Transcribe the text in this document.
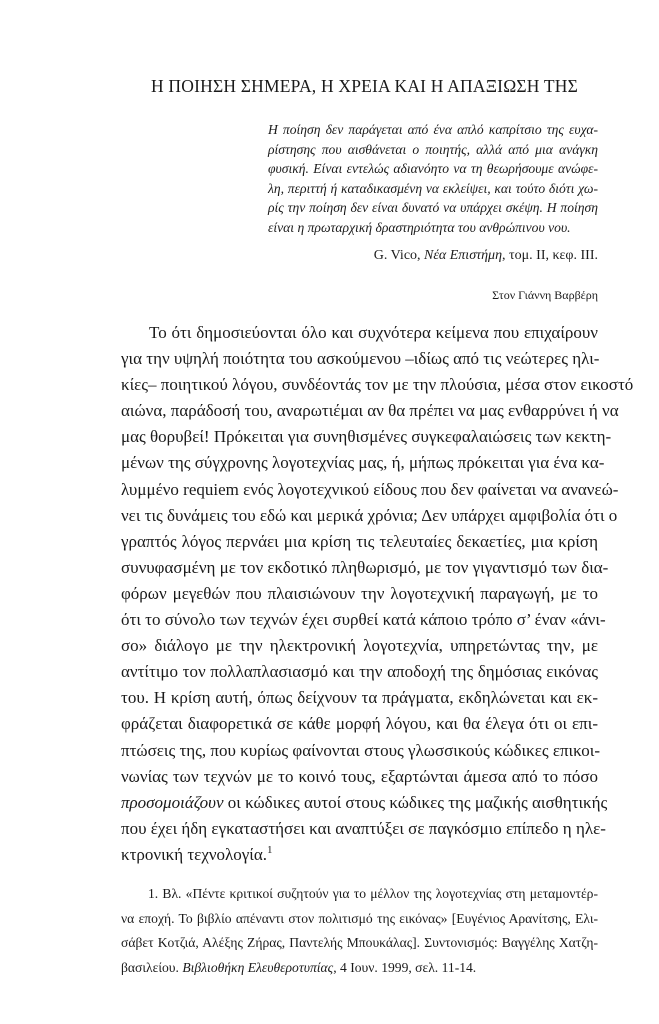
Η ΠΟΙΗΣΗ ΣΗΜΕΡΑ, Η ΧΡΕΙΑ ΚΑΙ Η ΑΠΑΞΙΩΣΗ ΤΗΣ
Η ποίηση δεν παράγεται από ένα απλό καπρίτσιο της ευχα-
ρίστησης που αισθάνεται ο ποιητής, αλλά από μια ανάγκη
φυσική. Είναι εντελώς αδιανόητο να τη θεωρήσουμε ανώφε-
λη, περιττή ή καταδικασμένη να εκλείψει, και τούτο διότι χω-
ρίς την ποίηση δεν είναι δυνατό να υπάρχει σκέψη. Η ποίηση
είναι η πρωταρχική δραστηριότητα του ανθρώπινου νου.
G. Vico, Νέα Επιστήμη, τομ. ΙΙ, κεφ. ΙΙΙ.
Στον Γιάννη Βαρβέρη
Το ότι δημοσιεύονται όλο και συχνότερα κείμενα που επιχαίρουν
για την υψηλή ποιότητα του ασκούμενου –ιδίως από τις νεώτερες ηλι-
κίες– ποιητικού λόγου, συνδέοντάς τον με την πλούσια, μέσα στον εικοστό
αιώνα, παράδοσή του, αναρωτιέμαι αν θα πρέπει να μας ενθαρρύνει ή να
μας θορυβεί! Πρόκειται για συνηθισμένες συγκεφαλαιώσεις των κεκτη-
μένων της σύγχρονης λογοτεχνίας μας, ή, μήπως πρόκειται για ένα κα-
λυμμένο requiem ενός λογοτεχνικού είδους που δεν φαίνεται να ανανεώ-
νει τις δυνάμεις του εδώ και μερικά χρόνια; Δεν υπάρχει αμφιβολία ότι ο
γραπτός λόγος περνάει μια κρίση τις τελευταίες δεκαετίες, μια κρίση
συνυφασμένη με τον εκδοτικό πληθωρισμό, με τον γιγαντισμό των δια-
φόρων μεγεθών που πλαισιώνουν την λογοτεχνική παραγωγή, με το
ότι το σύνολο των τεχνών έχει συρθεί κατά κάποιο τρόπο σ’ έναν «άνι-
σο» διάλογο με την ηλεκτρονική λογοτεχνία, υπηρετώντας την, με
αντίτιμο τον πολλαπλασιασμό και την αποδοχή της δημόσιας εικόνας
του. Η κρίση αυτή, όπως δείχνουν τα πράγματα, εκδηλώνεται και εκ-
φράζεται διαφορετικά σε κάθε μορφή λόγου, και θα έλεγα ότι οι επι-
πτώσεις της, που κυρίως φαίνονται στους γλωσσικούς κώδικες επικοι-
νωνίας των τεχνών με το κοινό τους, εξαρτώνται άμεσα από το πόσο
προσομοιάζουν οι κώδικες αυτοί στους κώδικες της μαζικής αισθητικής
που έχει ήδη εγκαταστήσει και αναπτύξει σε παγκόσμιο επίπεδο η ηλε-
κτρονική τεχνολογία.$^1$
1. Βλ. «Πέντε κριτικοί συζητούν για το μέλλον της λογοτεχνίας στη μεταμοντέρ-
να εποχή. Το βιβλίο απέναντι στον πολιτισμό της εικόνας» [Ευγένιος Αρανίτσης, Ελι-
σάβετ Κοτζιά, Αλέξης Ζήρας, Παντελής Μπουκάλας]. Συντονισμός: Βαγγέλης Χατζη-
βασιλείου. Βιβλιοθήκη Ελευθεροτυπίας, 4 Ιουν. 1999, σελ. 11-14.
